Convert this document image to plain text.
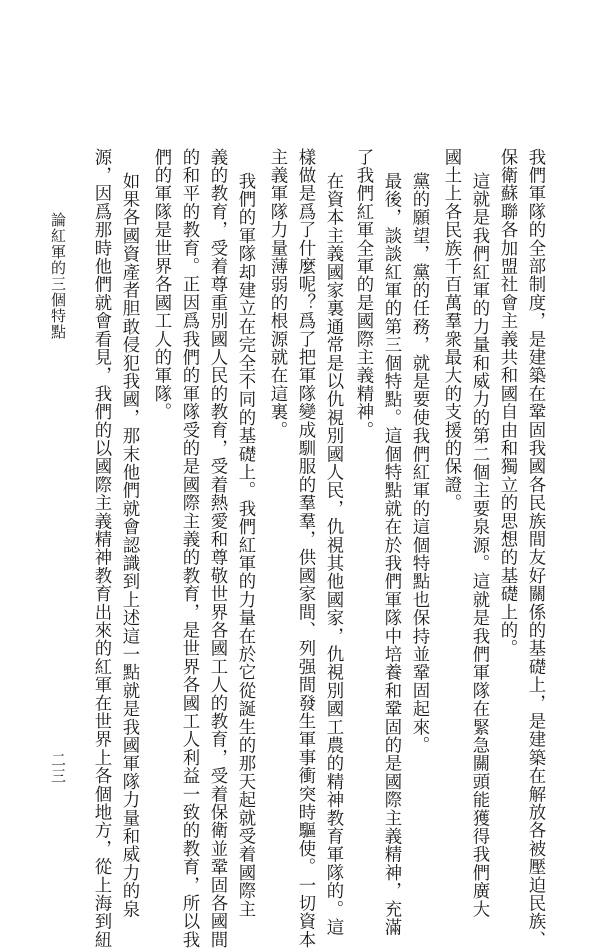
我們軍隊的全部制度，是建築在鞏固我國各民族間友好關係的基礎上，是建築在解放各被壓迫民族、
保衛蘇聯各加盟社會主義共和國自由和獨立的思想的基礎上的。
這就是我們紅軍的力量和威力的第二個主要泉源。這就是我們軍隊在緊急關頭能獲得我們廣大
國土上各民族千百萬羣衆最大的支援的保證。
黨的願望，黨的任務，就是要使我們紅軍的這個特點也保持並鞏固起來。
最後，談談紅軍的第三個特點。這個特點就在於我們軍隊中培養和鞏固的是國際主義精神，充滿
了我們紅軍全軍的是國際主義精神。
在資本主義國家裏通常是以仇視別國人民，仇視其他國家，仇視別國工農的精神教育軍隊的。這
樣做是爲了什麼呢？爲了把軍隊變成馴服的羣羣，供國家間、列强間發生軍事衝突時驅使。一切資本
主義軍隊力量薄弱的根源就在這裏。
我們的軍隊却建立在完全不同的基礎上。我們紅軍的力量在於它從誕生的那天起就受着國際主
義的教育，受着尊重別國人民的教育，受着熱愛和尊敬世界各國工人的教育，受着保衛並鞏固各國間
的和平的教育。正因爲我們的軍隊受的是國際主義的教育，是世界各國工人利益一致的教育，所以我
們的軍隊是世界各國工人的軍隊。
如果各國資產者胆敢侵犯我國，那末他們就會認識到上述這一點就是我國軍隊力量和威力的泉
源，因爲那時他們就會看見，我們的以國際主義精神教育出來的紅軍在世界上各個地方，從上海到紐
論紅軍的三個特點
二三
